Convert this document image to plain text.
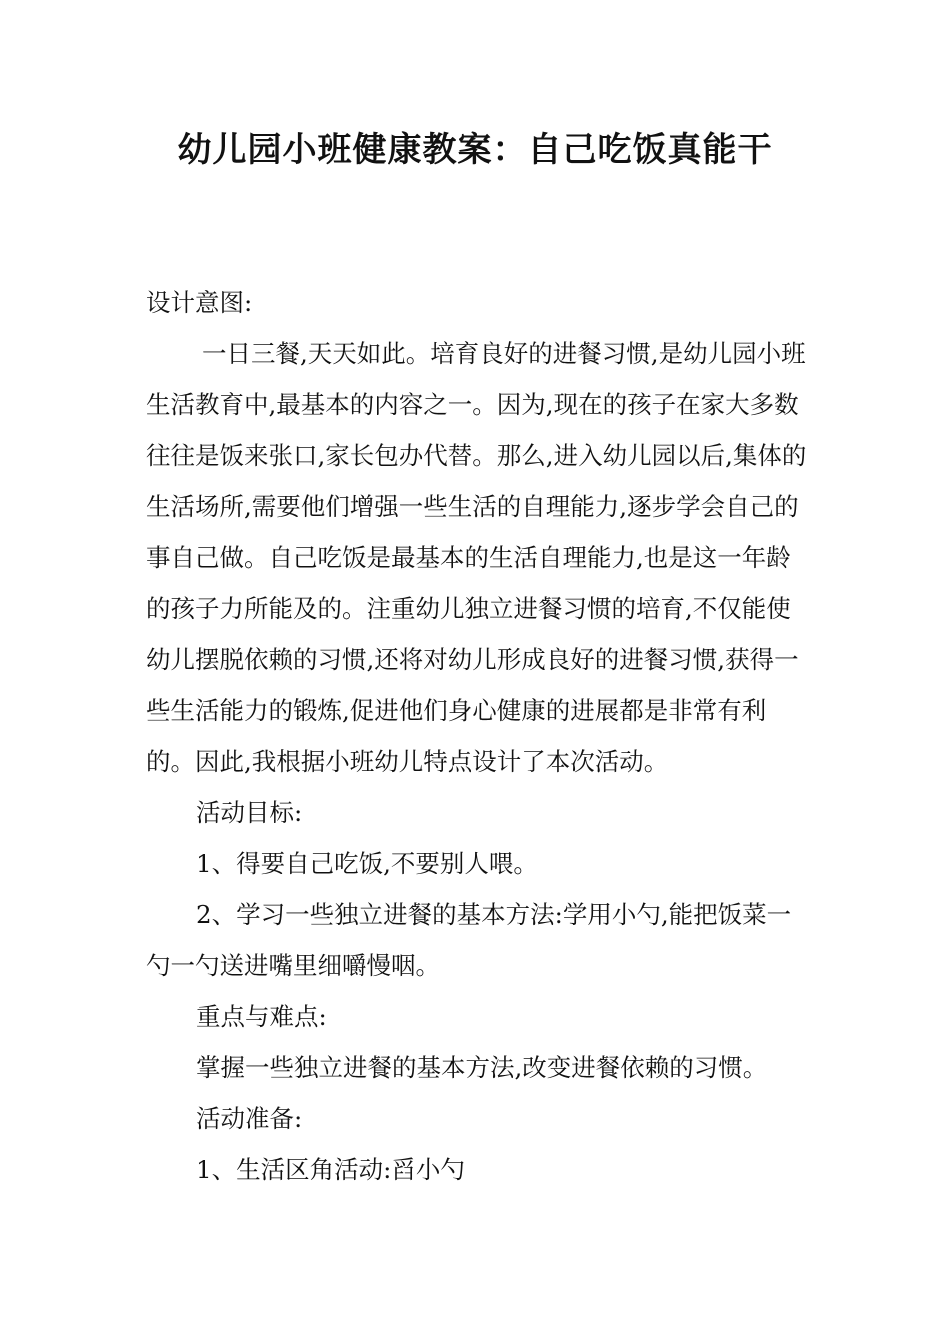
幼儿园小班健康教案：自己吃饭真能干

设计意图:

一日三餐,天天如此。培育良好的进餐习惯,是幼儿园小班生活教育中,最基本的内容之一。因为,现在的孩子在家大多数往往是饭来张口,家长包办代替。那么,进入幼儿园以后,集体的生活场所,需要他们增强一些生活的自理能力,逐步学会自己的事自己做。自己吃饭是最基本的生活自理能力,也是这一年龄的孩子力所能及的。注重幼儿独立进餐习惯的培育,不仅能使幼儿摆脱依赖的习惯,还将对幼儿形成良好的进餐习惯,获得一些生活能力的锻炼,促进他们身心健康的进展都是非常有利的。因此,我根据小班幼儿特点设计了本次活动。

活动目标:

1、得要自己吃饭,不要别人喂。

2、学习一些独立进餐的基本方法:学用小勺,能把饭菜一勺一勺送进嘴里细嚼慢咽。

重点与难点:

掌握一些独立进餐的基本方法,改变进餐依赖的习惯。

活动准备:

1、生活区角活动:舀小勺
